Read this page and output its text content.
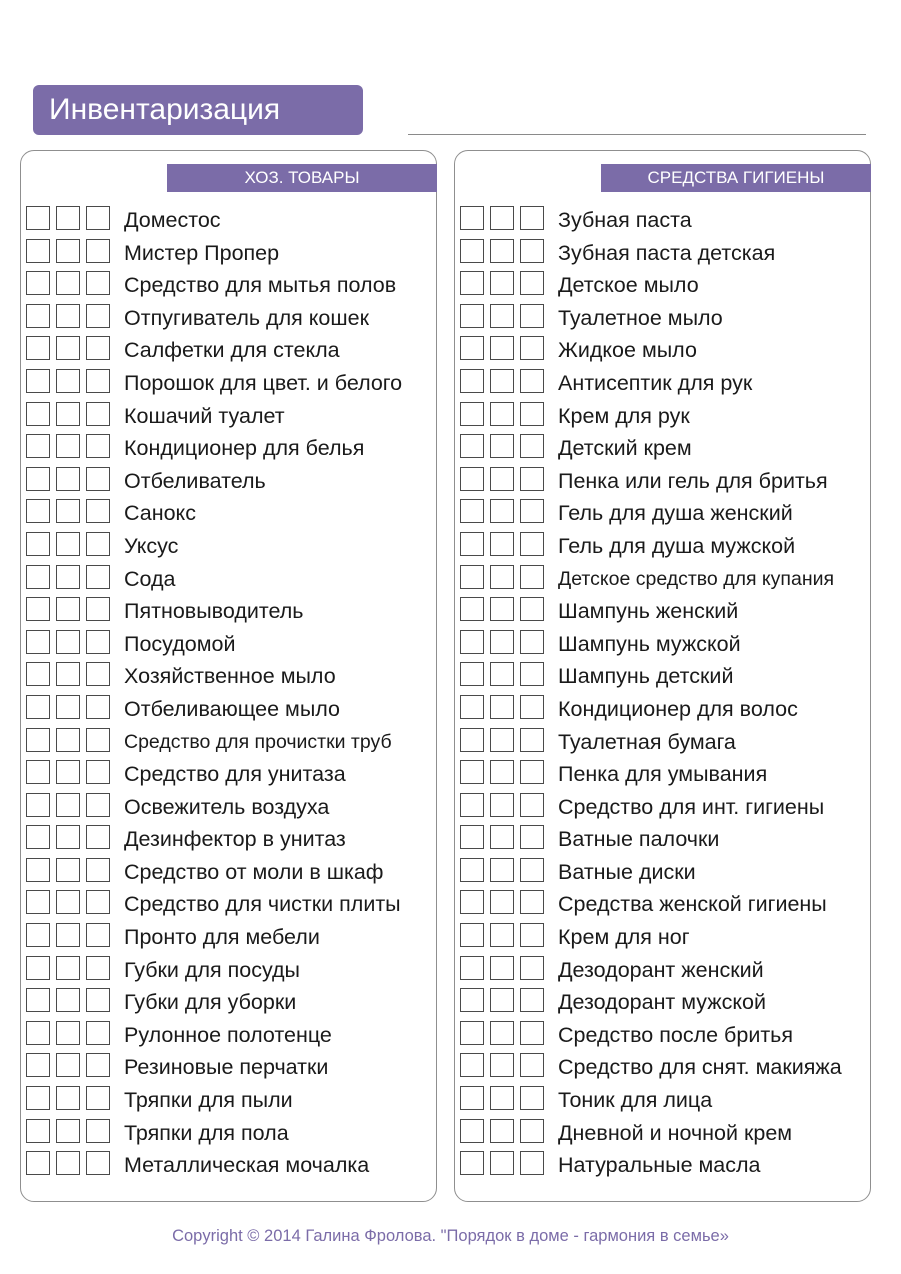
Инвентаризация
ХОЗ. ТОВАРЫ
Доместос
Мистер Пропер
Средство для мытья полов
Отпугиватель для кошек
Салфетки для стекла
Порошок для цвет. и белого
Кошачий туалет
Кондиционер для белья
Отбеливатель
Санокс
Уксус
Сода
Пятновыводитель
Посудомой
Хозяйственное мыло
Отбеливающее мыло
Средство для прочистки труб
Средство для унитаза
Освежитель воздуха
Дезинфектор в унитаз
Средство от моли в шкаф
Средство для чистки плиты
Пронто для мебели
Губки для посуды
Губки для уборки
Рулонное полотенце
Резиновые перчатки
Тряпки для пыли
Тряпки для пола
Металлическая мочалка
СРЕДСТВА ГИГИЕНЫ
Зубная паста
Зубная паста детская
Детское мыло
Туалетное мыло
Жидкое мыло
Антисептик для рук
Крем для рук
Детский крем
Пенка или гель для бритья
Гель для душа женский
Гель для душа мужской
Детское средство для купания
Шампунь женский
Шампунь мужской
Шампунь детский
Кондиционер для волос
Туалетная бумага
Пенка для умывания
Средство для инт. гигиены
Ватные палочки
Ватные диски
Средства женской гигиены
Крем для ног
Дезодорант женский
Дезодорант мужской
Средство после бритья
Средство для снят. макияжа
Тоник для лица
Дневной и ночной крем
Натуральные масла
Copyright © 2014 Галина Фролова. "Порядок в доме - гармония в семье»
